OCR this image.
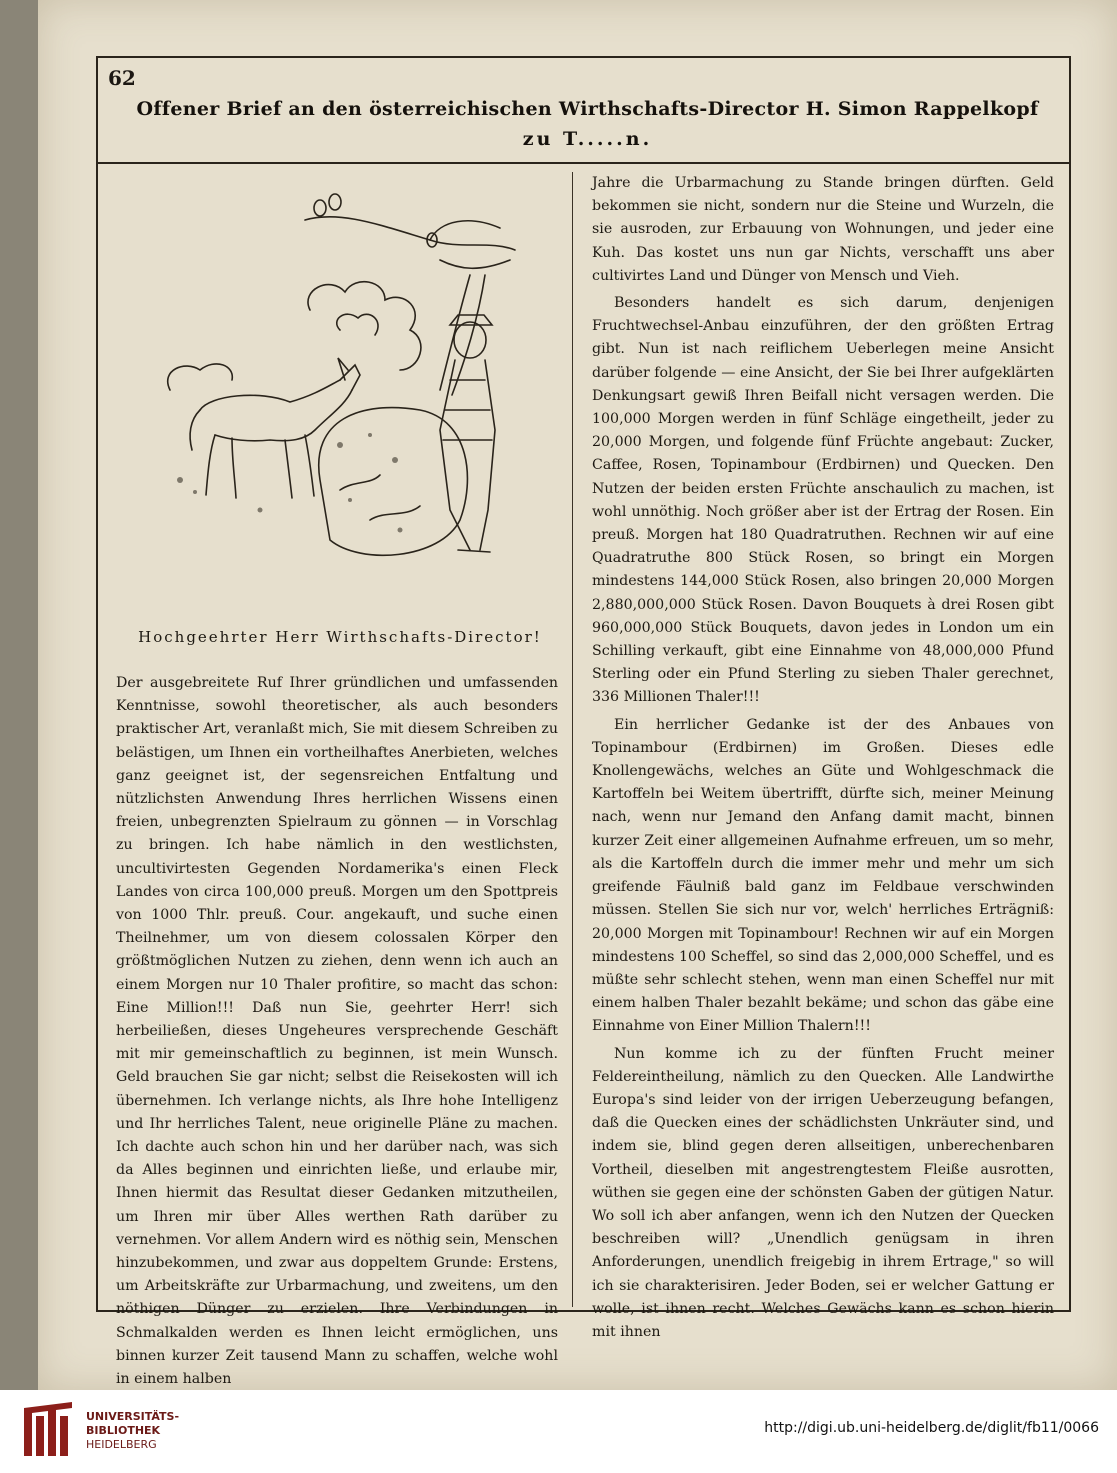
62
Offener Brief an den österreichischen Wirthschafts-Director H. Simon Rappelkopf
zu T.....n.
Hochgeehrter Herr Wirthschafts-Director!

Der ausgebreitete Ruf Ihrer gründlichen und umfassenden Kenntnisse, sowohl theoretischer, als auch besonders praktischer Art, veranlaßt mich, Sie mit diesem Schreiben zu belästigen, um Ihnen ein vortheilhaftes Anerbieten, welches ganz geeignet ist, der segensreichen Entfaltung und nützlichsten Anwendung Ihres herrlichen Wissens einen freien, unbegrenzten Spielraum zu gönnen — in Vorschlag zu bringen. Ich habe nämlich in den westlichsten, uncultivirtesten Gegenden Nordamerika's einen Fleck Landes von circa 100,000 preuß. Morgen um den Spottpreis von 1000 Thlr. preuß. Cour. angekauft, und suche einen Theilnehmer, um von diesem colossalen Körper den größtmöglichen Nutzen zu ziehen, denn wenn ich auch an einem Morgen nur 10 Thaler profitire, so macht das schon: Eine Million!!! Daß nun Sie, geehrter Herr! sich herbeiließen, dieses Ungeheures versprechende Geschäft mit mir gemeinschaftlich zu beginnen, ist mein Wunsch. Geld brauchen Sie gar nicht; selbst die Reisekosten will ich übernehmen. Ich verlange nichts, als Ihre hohe Intelligenz und Ihr herrliches Talent, neue originelle Pläne zu machen. Ich dachte auch schon hin und her darüber nach, was sich da Alles beginnen und einrichten ließe, und erlaube mir, Ihnen hiermit das Resultat dieser Gedanken mitzutheilen, um Ihren mir über Alles werthen Rath darüber zu vernehmen. Vor allem Andern wird es nöthig sein, Menschen hinzubekommen, und zwar aus doppeltem Grunde: Erstens, um Arbeitskräfte zur Urbarmachung, und zweitens, um den nöthigen Dünger zu erzielen. Ihre Verbindungen in Schmalkalden werden es Ihnen leicht ermöglichen, uns binnen kurzer Zeit tausend Mann zu schaffen, welche wohl in einem halben

Jahre die Urbarmachung zu Stande bringen dürften. Geld bekommen sie nicht, sondern nur die Steine und Wurzeln, die sie ausroden, zur Erbauung von Wohnungen, und jeder eine Kuh. Das kostet uns nun gar Nichts, verschafft uns aber cultivirtes Land und Dünger von Mensch und Vieh.

Besonders handelt es sich darum, denjenigen Fruchtwechsel-Anbau einzuführen, der den größten Ertrag gibt. Nun ist nach reiflichem Ueberlegen meine Ansicht darüber folgende — eine Ansicht, der Sie bei Ihrer aufgeklärten Denkungsart gewiß Ihren Beifall nicht versagen werden. Die 100,000 Morgen werden in fünf Schläge eingetheilt, jeder zu 20,000 Morgen, und folgende fünf Früchte angebaut: Zucker, Caffee, Rosen, Topinambour (Erdbirnen) und Quecken. Den Nutzen der beiden ersten Früchte anschaulich zu machen, ist wohl unnöthig. Noch größer aber ist der Ertrag der Rosen. Ein preuß. Morgen hat 180 Quadratruthen. Rechnen wir auf eine Quadratruthe 800 Stück Rosen, so bringt ein Morgen mindestens 144,000 Stück Rosen, also bringen 20,000 Morgen 2,880,000,000 Stück Rosen. Davon Bouquets à drei Rosen gibt 960,000,000 Stück Bouquets, davon jedes in London um ein Schilling verkauft, gibt eine Einnahme von 48,000,000 Pfund Sterling oder ein Pfund Sterling zu sieben Thaler gerechnet, 336 Millionen Thaler!!!

Ein herrlicher Gedanke ist der des Anbaues von Topinambour (Erdbirnen) im Großen. Dieses edle Knollengewächs, welches an Güte und Wohlgeschmack die Kartoffeln bei Weitem übertrifft, dürfte sich, meiner Meinung nach, wenn nur Jemand den Anfang damit macht, binnen kurzer Zeit einer allgemeinen Aufnahme erfreuen, um so mehr, als die Kartoffeln durch die immer mehr und mehr um sich greifende Fäulniß bald ganz im Feldbaue verschwinden müssen. Stellen Sie sich nur vor, welch' herrliches Erträgniß: 20,000 Morgen mit Topinambour! Rechnen wir auf ein Morgen mindestens 100 Scheffel, so sind das 2,000,000 Scheffel, und es müßte sehr schlecht stehen, wenn man einen Scheffel nur mit einem halben Thaler bezahlt bekäme; und schon das gäbe eine Einnahme von Einer Million Thalern!!!

Nun komme ich zu der fünften Frucht meiner Feldereintheilung, nämlich zu den Quecken. Alle Landwirthe Europa's sind leider von der irrigen Ueberzeugung befangen, daß die Quecken eines der schädlichsten Unkräuter sind, und indem sie, blind gegen deren allseitigen, unberechenbaren Vortheil, dieselben mit angestrengtestem Fleiße ausrotten, wüthen sie gegen eine der schönsten Gaben der gütigen Natur. Wo soll ich aber anfangen, wenn ich den Nutzen der Quecken beschreiben will? „Unendlich genügsam in ihren Anforderungen, unendlich freigebig in ihrem Ertrage," so will ich sie charakterisiren. Jeder Boden, sei er welcher Gattung er wolle, ist ihnen recht. Welches Gewächs kann es schon hierin mit ihnen

UNIVERSITÄTS-
BIBLIOTHEK
HEIDELBERG
http://digi.ub.uni-heidelberg.de/diglit/fb11/0066
